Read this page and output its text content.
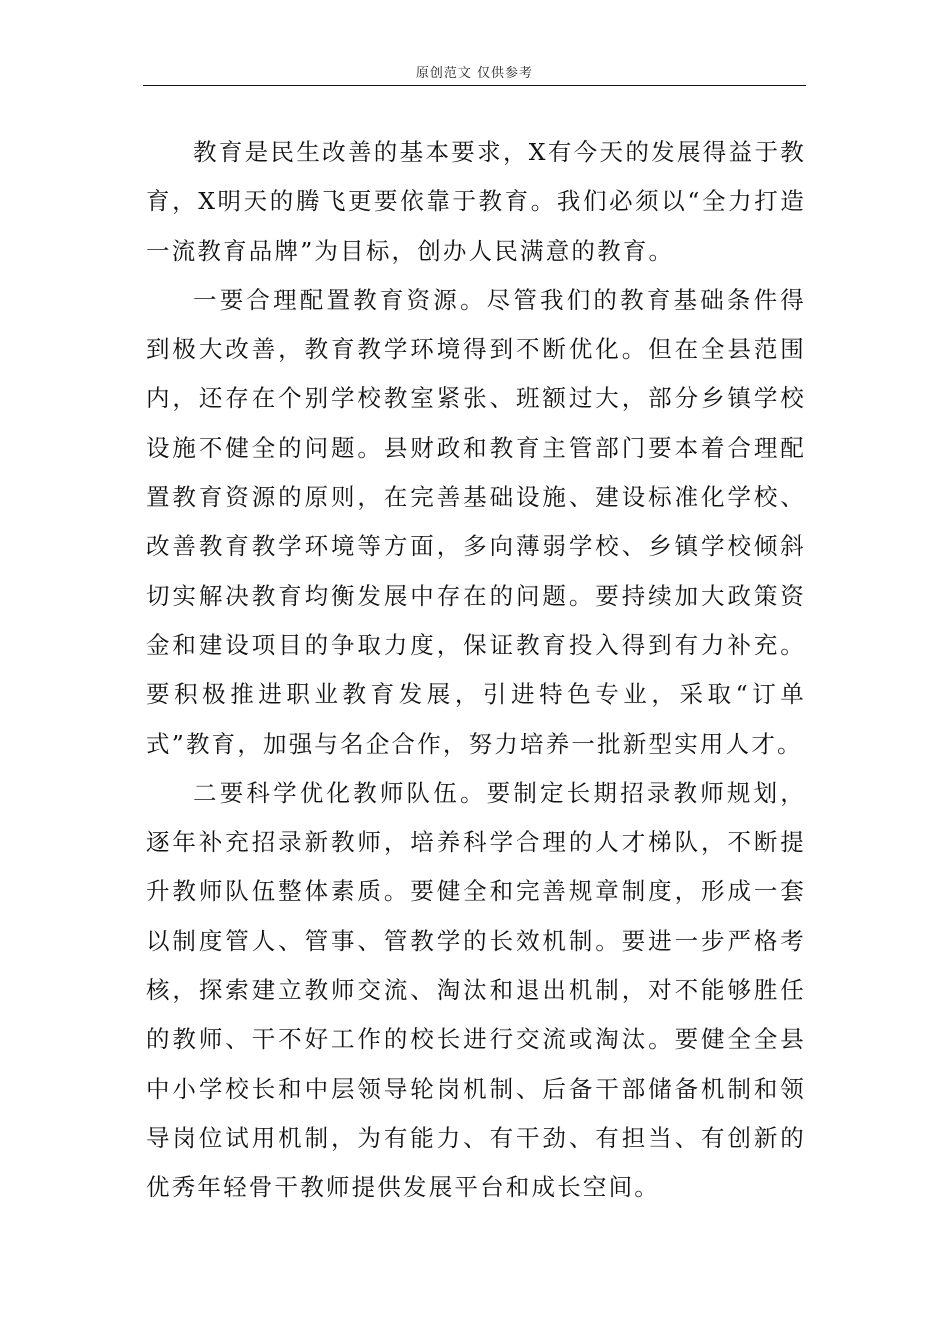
原创范文 仅供参考

教育是民生改善的基本要求，X有今天的发展得益于教育，X明天的腾飞更要依靠于教育。我们必须以“全力打造一流教育品牌”为目标，创办人民满意的教育。

一要合理配置教育资源。尽管我们的教育基础条件得到极大改善，教育教学环境得到不断优化。但在全县范围内，还存在个别学校教室紧张、班额过大，部分乡镇学校设施不健全的问题。县财政和教育主管部门要本着合理配置教育资源的原则，在完善基础设施、建设标准化学校、改善教育教学环境等方面，多向薄弱学校、乡镇学校倾斜切实解决教育均衡发展中存在的问题。要持续加大政策资金和建设项目的争取力度，保证教育投入得到有力补充。要积极推进职业教育发展，引进特色专业，采取“订单式”教育，加强与名企合作，努力培养一批新型实用人才。

二要科学优化教师队伍。要制定长期招录教师规划，逐年补充招录新教师，培养科学合理的人才梯队，不断提升教师队伍整体素质。要健全和完善规章制度，形成一套以制度管人、管事、管教学的长效机制。要进一步严格考核，探索建立教师交流、淘汰和退出机制，对不能够胜任的教师、干不好工作的校长进行交流或淘汰。要健全全县中小学校长和中层领导轮岗机制、后备干部储备机制和领导岗位试用机制，为有能力、有干劲、有担当、有创新的优秀年轻骨干教师提供发展平台和成长空间。
